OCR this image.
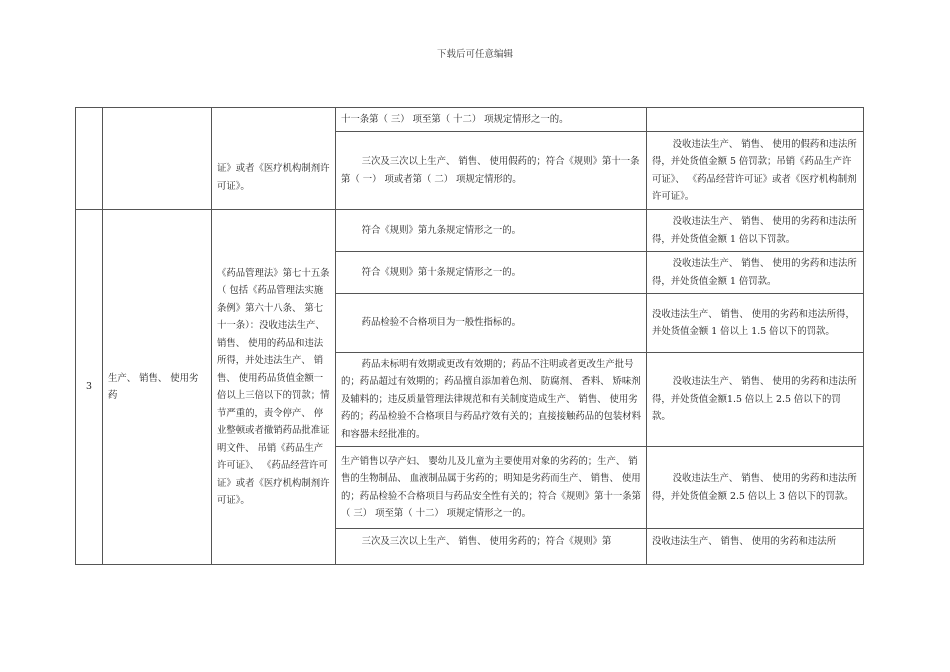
下载后可任意编辑

		证》或者《医疗机构制剂许可证》。	十一条第（ 三） 项至第（ 十二） 项规定情形之一的。	

			三次及三次以上生产、 销售、 使用假药的；符合《规则》第十一条第（ 一） 项或者第（ 二） 项规定情形的。	没收违法生产、 销售、 使用的假药和违法所得，并处货值金额 5 倍罚款；吊销《药品生产许可证》、 《药品经营许可证》或者《医疗机构制剂许可证》。

3	生产、 销售、 使用劣药	《药品管理法》第七十五条（ 包括《药品管理法实施条例》第六十八条、 第七十一条）：没收违法生产、 销售、 使用的药品和违法所得，并处违法生产、 销售、 使用药品货值金额一倍以上三倍以下的罚款；情节严重的，责令停产、 停业整顿或者撤销药品批准证明文件、 吊销《药品生产许可证》、 《药品经营许可证》或者《医疗机构制剂许可证》。	符合《规则》第九条规定情形之一的。	没收违法生产、 销售、 使用的劣药和违法所得，并处货值金额 1 倍以下罚款。

			符合《规则》第十条规定情形之一的。	没收违法生产、 销售、 使用的劣药和违法所得，并处货值金额 1 倍罚款。

			药品检验不合格项目为一般性指标的。	没收违法生产、 销售、 使用的劣药和违法所得， 并处货值金额 1 倍以上 1.5 倍以下的罚款。

			药品未标明有效期或更改有效期的；药品不注明或者更改生产批号的；药品超过有效期的；药品擅自添加着色剂、 防腐剂、 香料、 矫味剂及辅料的；违反质量管理法律规范和有关制度造成生产、 销售、 使用劣药的；药品检验不合格项目与药品疗效有关的；直接接触药品的包装材料和容器未经批准的。	没收违法生产、 销售、 使用的劣药和违法所得，并处货值金额1.5 倍以上 2.5 倍以下的罚款。

			生产销售以孕产妇、 婴幼儿及儿童为主要使用对象的劣药的；生产、 销售的生物制品、 血液制品属于劣药的；明知是劣药而生产、 销售、 使用的；药品检验不合格项目与药品安全性有关的；符合《规则》第十一条第（ 三） 项至第（ 十二） 项规定情形之一的。	没收违法生产、 销售、 使用的劣药和违法所得，并处货值金额 2.5 倍以上 3 倍以下的罚款。

			三次及三次以上生产、 销售、 使用劣药的；符合《规则》第	没收违法生产、 销售、 使用的劣药和违法所
